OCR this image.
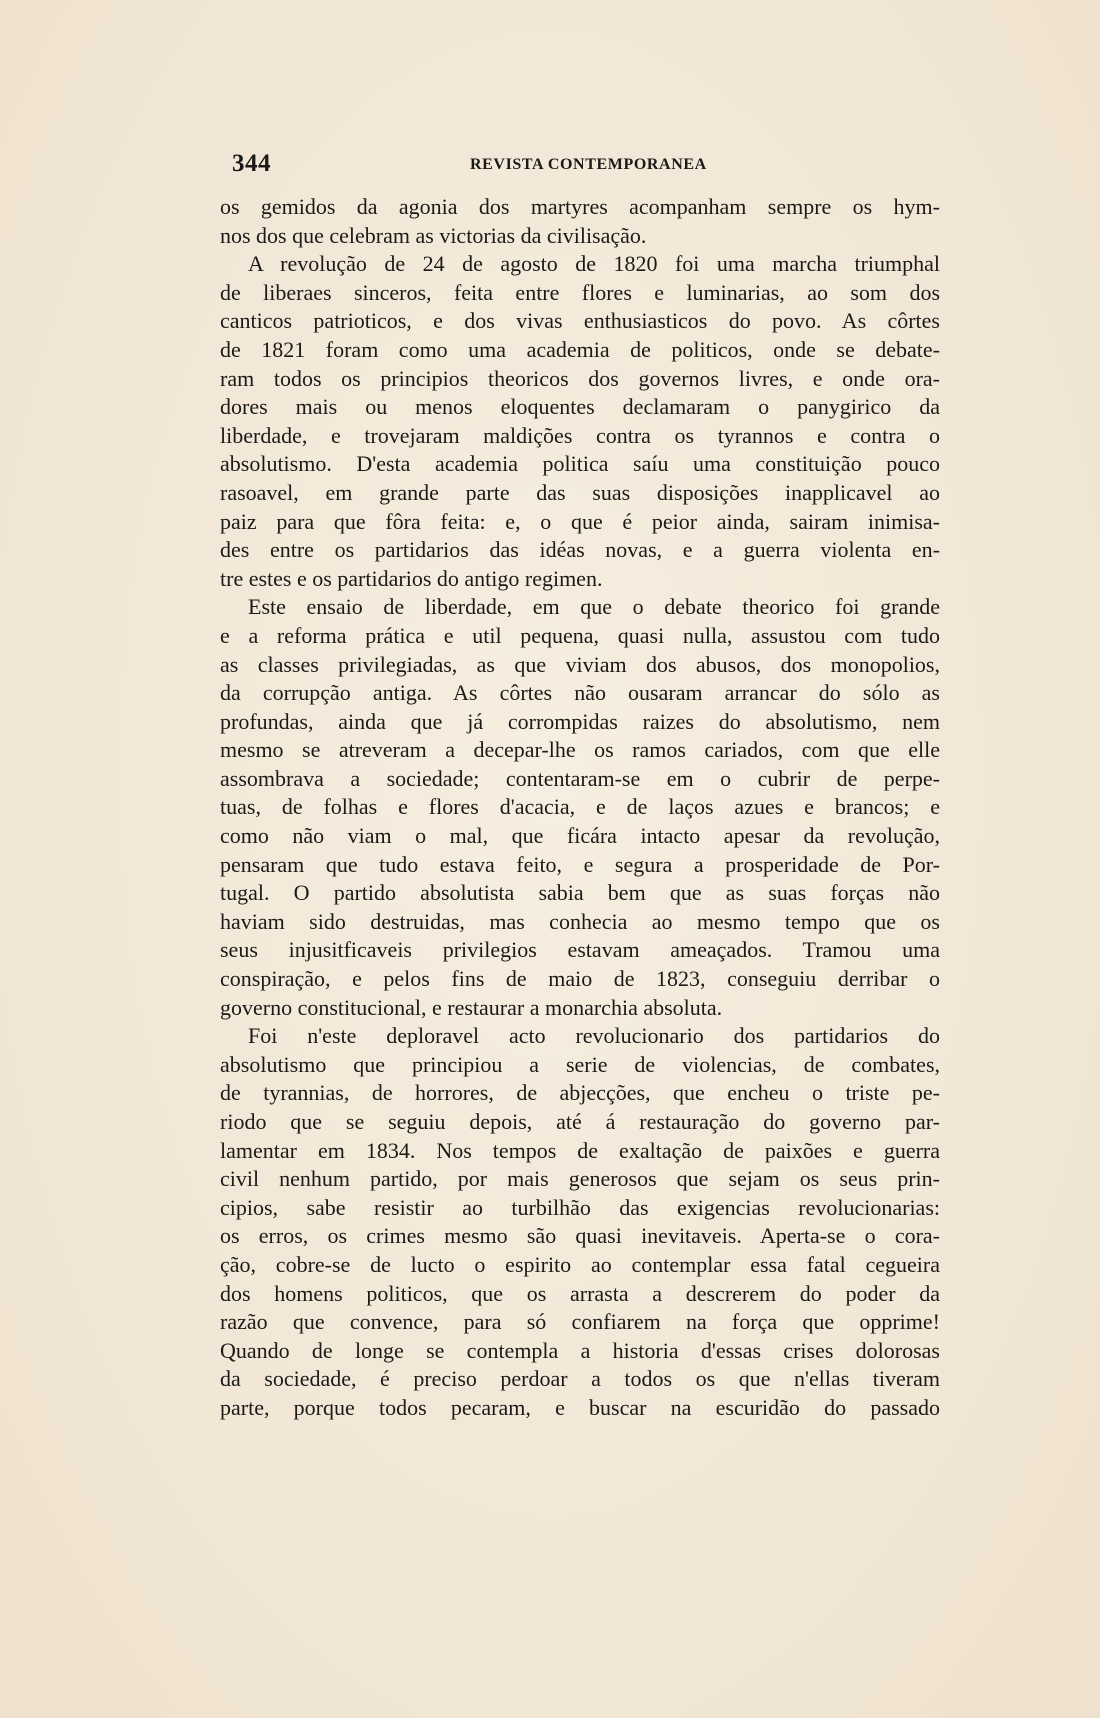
344	REVISTA CONTEMPORANEA
os gemidos da agonia dos martyres acompanham sempre os hym-
nos dos que celebram as victorias da civilisação.
A revolução de 24 de agosto de 1820 foi uma marcha triumphal
de liberaes sinceros, feita entre flores e luminarias, ao som dos
canticos patrioticos, e dos vivas enthusiasticos do povo. As côrtes
de 1821 foram como uma academia de politicos, onde se debate-
ram todos os principios theoricos dos governos livres, e onde ora-
dores mais ou menos eloquentes declamaram o panygirico da
liberdade, e trovejaram maldições contra os tyrannos e contra o
absolutismo. D'esta academia politica saíu uma constituição pouco
rasoavel, em grande parte das suas disposições inapplicavel ao
paiz para que fôra feita: e, o que é peior ainda, sairam inimisa-
des entre os partidarios das idéas novas, e a guerra violenta en-
tre estes e os partidarios do antigo regimen.
Este ensaio de liberdade, em que o debate theorico foi grande
e a reforma prática e util pequena, quasi nulla, assustou com tudo
as classes privilegiadas, as que viviam dos abusos, dos monopolios,
da corrupção antiga. As côrtes não ousaram arrancar do sólo as
profundas, ainda que já corrompidas raizes do absolutismo, nem
mesmo se atreveram a decepar-lhe os ramos cariados, com que elle
assombrava a sociedade; contentaram-se em o cubrir de perpe-
tuas, de folhas e flores d'acacia, e de laços azues e brancos; e
como não viam o mal, que ficára intacto apesar da revolução,
pensaram que tudo estava feito, e segura a prosperidade de Por-
tugal. O partido absolutista sabia bem que as suas forças não
haviam sido destruidas, mas conhecia ao mesmo tempo que os
seus injusitficaveis privilegios estavam ameaçados. Tramou uma
conspiração, e pelos fins de maio de 1823, conseguiu derribar o
governo constitucional, e restaurar a monarchia absoluta.
Foi n'este deploravel acto revolucionario dos partidarios do
absolutismo que principiou a serie de violencias, de combates,
de tyrannias, de horrores, de abjecções, que encheu o triste pe-
riodo que se seguiu depois, até á restauração do governo par-
lamentar em 1834. Nos tempos de exaltação de paixões e guerra
civil nenhum partido, por mais generosos que sejam os seus prin-
cipios, sabe resistir ao turbilhão das exigencias revolucionarias:
os erros, os crimes mesmo são quasi inevitaveis. Aperta-se o cora-
ção, cobre-se de lucto o espirito ao contemplar essa fatal cegueira
dos homens politicos, que os arrasta a descrerem do poder da
razão que convence, para só confiarem na força que opprime!
Quando de longe se contempla a historia d'essas crises dolorosas
da sociedade, é preciso perdoar a todos os que n'ellas tiveram
parte, porque todos pecaram, e buscar na escuridão do passado
